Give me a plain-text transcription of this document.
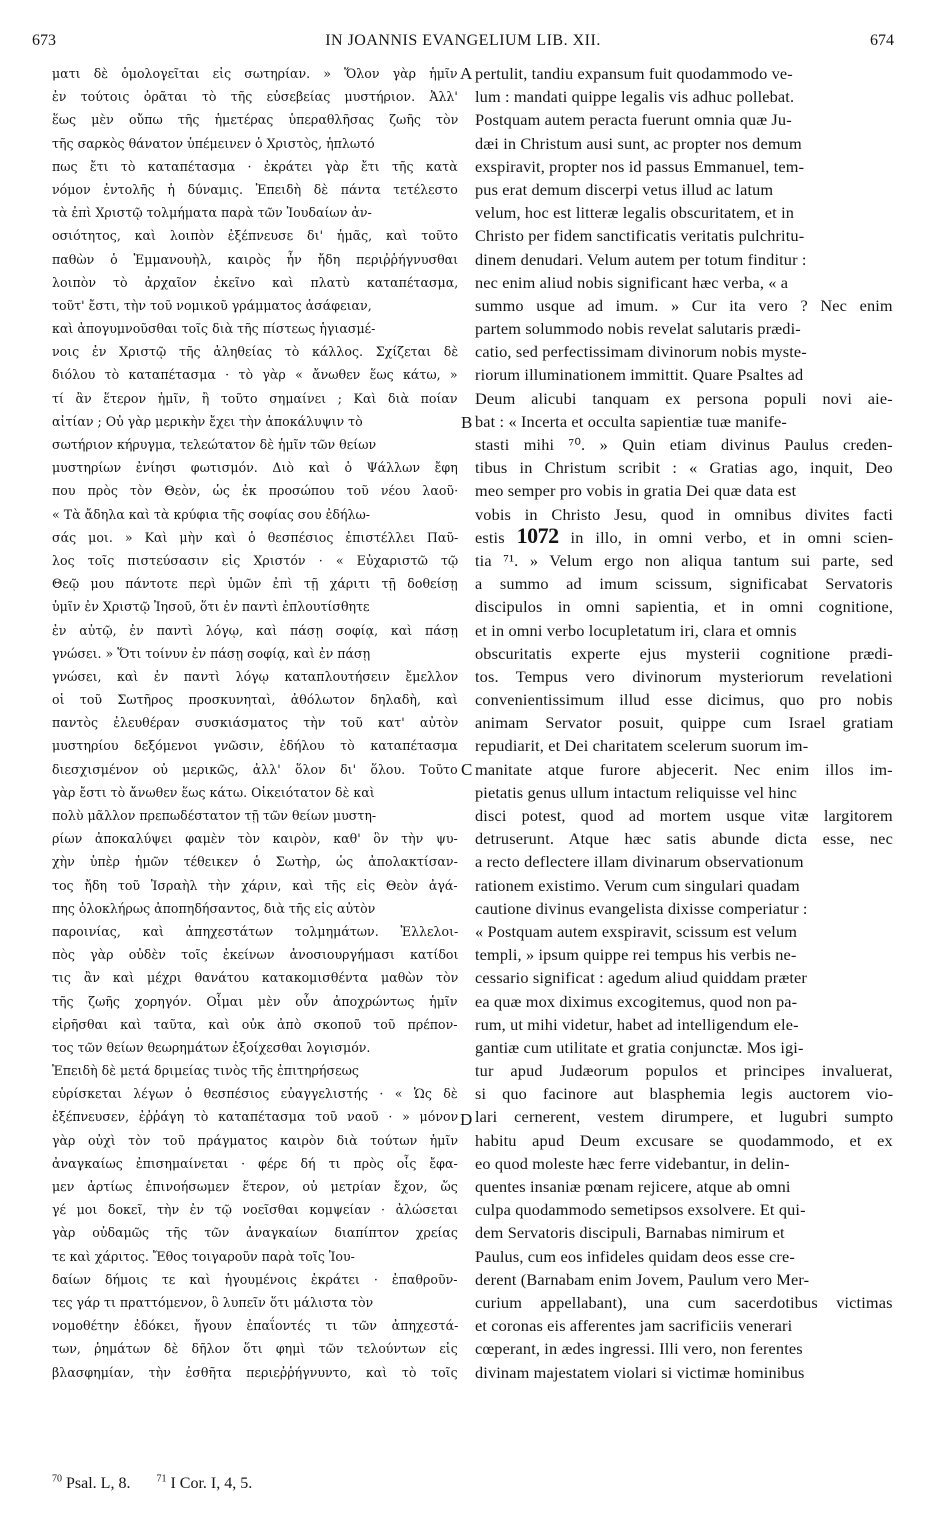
673	IN JOANNIS EVANGELIUM LIB. XII.	674
ματι δὲ ὁμολογεῖται εἰς σωτηρίαν. » Ὅλον γὰρ ἡμῖν
ἐν τούτοις ὁρᾶται τὸ τῆς εὐσεβείας μυστήριον. Ἀλλ'
ἕως μὲν οὔπω τῆς ἡμετέρας ὑπεραθλῆσας ζωῆς τὸν
τῆς σαρκὸς θάνατον ὑπέμεινεν ὁ Χριστὸς, ἡπλωτό
πως ἔτι τὸ καταπέτασμα · ἐκράτει γὰρ ἔτι τῆς κατὰ
νόμον ἐντολῆς ἡ δύναμις. Ἐπειδὴ δὲ πάντα τετέλεστο
τὰ ἐπὶ Χριστῷ τολμήματα παρὰ τῶν Ἰουδαίων ἀν-
οσιότητος, καὶ λοιπὸν ἐξέπνευσε δι' ἡμᾶς, καὶ τοῦτο
παθὼν ὁ Ἐμμανουὴλ, καιρὸς ἦν ἤδη περιῤῥήγνυσθαι
λοιπὸν τὸ ἀρχαῖον ἐκεῖνο καὶ πλατὺ καταπέτασμα,
τοῦτ' ἔστι, τὴν τοῦ νομικοῦ γράμματος ἀσάφειαν,
καὶ ἀπογυμνοῦσθαι τοῖς διὰ τῆς πίστεως ἡγιασμέ-
νοις ἐν Χριστῷ τῆς ἀληθείας τὸ κάλλος. Σχίζεται δὲ
διόλου τὸ καταπέτασμα · τὸ γὰρ « ἄνωθεν ἕως κάτω, »
τί ἂν ἕτερον ἡμῖν, ἢ τοῦτο σημαίνει ; Καὶ διὰ ποίαν
αἰτίαν ; Οὐ γὰρ μερικὴν ἔχει τὴν ἀποκάλυψιν τὸ
σωτήριον κήρυγμα, τελεώτατον δὲ ἡμῖν τῶν θείων
μυστηρίων ἐνίησι φωτισμόν. Διὸ καὶ ὁ Ψάλλων ἔφη
που πρὸς τὸν Θεὸν, ὡς ἐκ προσώπου τοῦ νέου λαοῦ·
« Τὰ ἄδηλα καὶ τὰ κρύφια τῆς σοφίας σου ἐδήλω-
σάς μοι. » Καὶ μὴν καὶ ὁ θεσπέσιος ἐπιστέλλει Παῦ-
λος τοῖς πιστεύσασιν εἰς Χριστόν · « Εὐχαριστῶ τῷ
Θεῷ μου πάντοτε περὶ ὑμῶν ἐπὶ τῇ χάριτι τῇ δοθείσῃ
ὑμῖν ἐν Χριστῷ Ἰησοῦ, ὅτι ἐν παντὶ ἐπλουτίσθητε
ἐν αὐτῷ, ἐν παντὶ λόγῳ, καὶ πάσῃ σοφίᾳ, καὶ πάσῃ
γνώσει. » Ὅτι τοίνυν ἐν πάσῃ σοφίᾳ, καὶ ἐν πάσῃ
γνώσει, καὶ ἐν παντὶ λόγῳ καταπλουτήσειν ἔμελλον
οἱ τοῦ Σωτῆρος προσκυνηταὶ, ἀθόλωτον δηλαδὴ, καὶ
παντὸς ἐλευθέραν συσκιάσματος τὴν τοῦ κατ' αὐτὸν
μυστηρίου δεξόμενοι γνῶσιν, ἐδήλου τὸ καταπέτασμα
διεσχισμένον οὐ μερικῶς, ἀλλ' ὅλον δι' ὅλου. Τοῦτο
γὰρ ἔστι τὸ ἄνωθεν ἕως κάτω. Οἰκειότατον δὲ καὶ
πολὺ μᾶλλον πρεπωδέστατον τῇ τῶν θείων μυστη-
ρίων ἀποκαλύψει φαμὲν τὸν καιρὸν, καθ' ὃν τὴν ψυ-
χὴν ὑπὲρ ἡμῶν τέθεικεν ὁ Σωτὴρ, ὡς ἀπολακτίσαν-
τος ἤδη τοῦ Ἰσραὴλ τὴν χάριν, καὶ τῆς εἰς Θεὸν ἀγά-
πης ὁλοκλήρως ἀποπηδήσαντος, διὰ τῆς εἰς αὐτὸν
παροινίας, καὶ ἀπηχεστάτων τολμημάτων. Ἑλλελοι-
πὸς γὰρ οὐδὲν τοῖς ἐκείνων ἀνοσιουργήμασι κατίδοι
τις ἂν καὶ μέχρι θανάτου κατακομισθέντα μαθὼν τὸν
τῆς ζωῆς χορηγόν. Οἶμαι μὲν οὖν ἀποχρώντως ἡμῖν
εἰρῆσθαι καὶ ταῦτα, καὶ οὐκ ἀπὸ σκοποῦ τοῦ πρέπον-
τος τῶν θείων θεωρημάτων ἐξοίχεσθαι λογισμόν.
Ἐπειδὴ δὲ μετά δριμείας τινὸς τῆς ἐπιτηρήσεως
εὑρίσκεται λέγων ὁ θεσπέσιος εὐαγγελιστής · « Ὡς δὲ
ἐξέπνευσεν, ἐῤῥάγη τὸ καταπέτασμα τοῦ ναοῦ · » μόνον
γὰρ οὐχὶ τὸν τοῦ πράγματος καιρὸν διὰ τούτων ἡμῖν
ἀναγκαίως ἐπισημαίνεται · φέρε δή τι πρὸς οἷς ἔφα-
μεν ἀρτίως ἐπινοήσωμεν ἕτερον, οὐ μετρίαν ἔχον, ὥς
γέ μοι δοκεῖ, τὴν ἐν τῷ νοεῖσθαι κομψείαν · ἀλώσεται
γὰρ οὐδαμῶς τῆς τῶν ἀναγκαίων διαπίπτον χρείας
τε καὶ χάριτος. Ἔθος τοιγαροῦν παρὰ τοῖς Ἰου-
δαίων δήμοις τε καὶ ἡγουμένοις ἐκράτει · ἐπαθροῦν-
τες γάρ τι πραττόμενον, ὃ λυπεῖν ὅτι μάλιστα τὸν
νομοθέτην ἐδόκει, ἤγουν ἐπαΐοντές τι τῶν ἀπηχεστά-
των, ῥημάτων δὲ δῆλον ὅτι φημὶ τῶν τελούντων εἰς
βλασφημίαν, τὴν ἐσθῆτα περιεῤῥήγνυντο, καὶ τὸ τοῖς
pertulit, tandiu expansum fuit quodammodo ve-
lum : mandati quippe legalis vis adhuc pollebat.
Postquam autem peracta fuerunt omnia quæ Ju-
dæi in Christum ausi sunt, ac propter nos demum
exspiravit, propter nos id passus Emmanuel, tem-
pus erat demum discerpi vetus illud ac latum
velum, hoc est litteræ legalis obscuritatem, et in
Christo per fidem sanctificatis veritatis pulchritu-
dinem denudari. Velum autem per totum finditur :
nec enim aliud nobis significant hæc verba, « a
summo usque ad imum. » Cur ita vero ? Nec enim
partem solummodo nobis revelat salutaris prædi-
catio, sed perfectissimam divinorum nobis myste-
riorum illuminationem immittit. Quare Psaltes ad
Deum alicubi tanquam ex persona populi novi aie-
bat : « Incerta et occulta sapientiæ tuæ manife-
stasti mihi ⁷⁰. » Quin etiam divinus Paulus creden-
tibus in Christum scribit : « Gratias ago, inquit, Deo
meo semper pro vobis in gratia Dei quæ data est
vobis in Christo Jesu, quod in omnibus divites facti
estis 1072 in illo, in omni verbo, et in omni scien-
tia ⁷¹. » Velum ergo non aliqua tantum sui parte, sed
a summo ad imum scissum, significabat Servatoris
discipulos in omni sapientia, et in omni cognitione,
et in omni verbo locupletatum iri, clara et omnis
obscuritatis experte ejus mysterii cognitione prædi-
tos. Tempus vero divinorum mysteriorum revelationi
convenientissimum illud esse dicimus, quo pro nobis
animam Servator posuit, quippe cum Israel gratiam
repudiarit, et Dei charitatem scelerum suorum im-
manitate atque furore abjecerit. Nec enim illos im-
pietatis genus ullum intactum reliquisse vel hinc
disci potest, quod ad mortem usque vitæ largitorem
detruserunt. Atque hæc satis abunde dicta esse, nec
a recto deflectere illam divinarum observationum
rationem existimo. Verum cum singulari quadam
cautione divinus evangelista dixisse comperiatur :
« Postquam autem exspiravit, scissum est velum
templi, » ipsum quippe rei tempus his verbis ne-
cessario significat : agedum aliud quiddam præter
ea quæ mox diximus excogitemus, quod non pa-
rum, ut mihi videtur, habet ad intelligendum ele-
gantiæ cum utilitate et gratia conjunctæ. Mos igi-
tur apud Judæorum populos et principes invaluerat,
si quo facinore aut blasphemia legis auctorem vio-
lari cernerent, vestem dirumpere, et lugubri sumpto
habitu apud Deum excusare se quodammodo, et ex
eo quod moleste hæc ferre videbantur, in delin-
quentes insaniæ pœnam rejicere, atque ab omni
culpa quodammodo semetipsos exsolvere. Et qui-
dem Servatoris discipuli, Barnabas nimirum et
Paulus, cum eos infideles quidam deos esse cre-
derent (Barnabam enim Jovem, Paulum vero Mer-
curium appellabant), una cum sacerdotibus victimas
et coronas eis afferentes jam sacrificiis venerari
cœperant, in ædes ingressi. Illi vero, non ferentes
divinam majestatem violari si victimæ hominibus
A
B
C
D
$^{70}$ Psal. L, 8.	$^{71}$ I Cor. I, 4, 5.
